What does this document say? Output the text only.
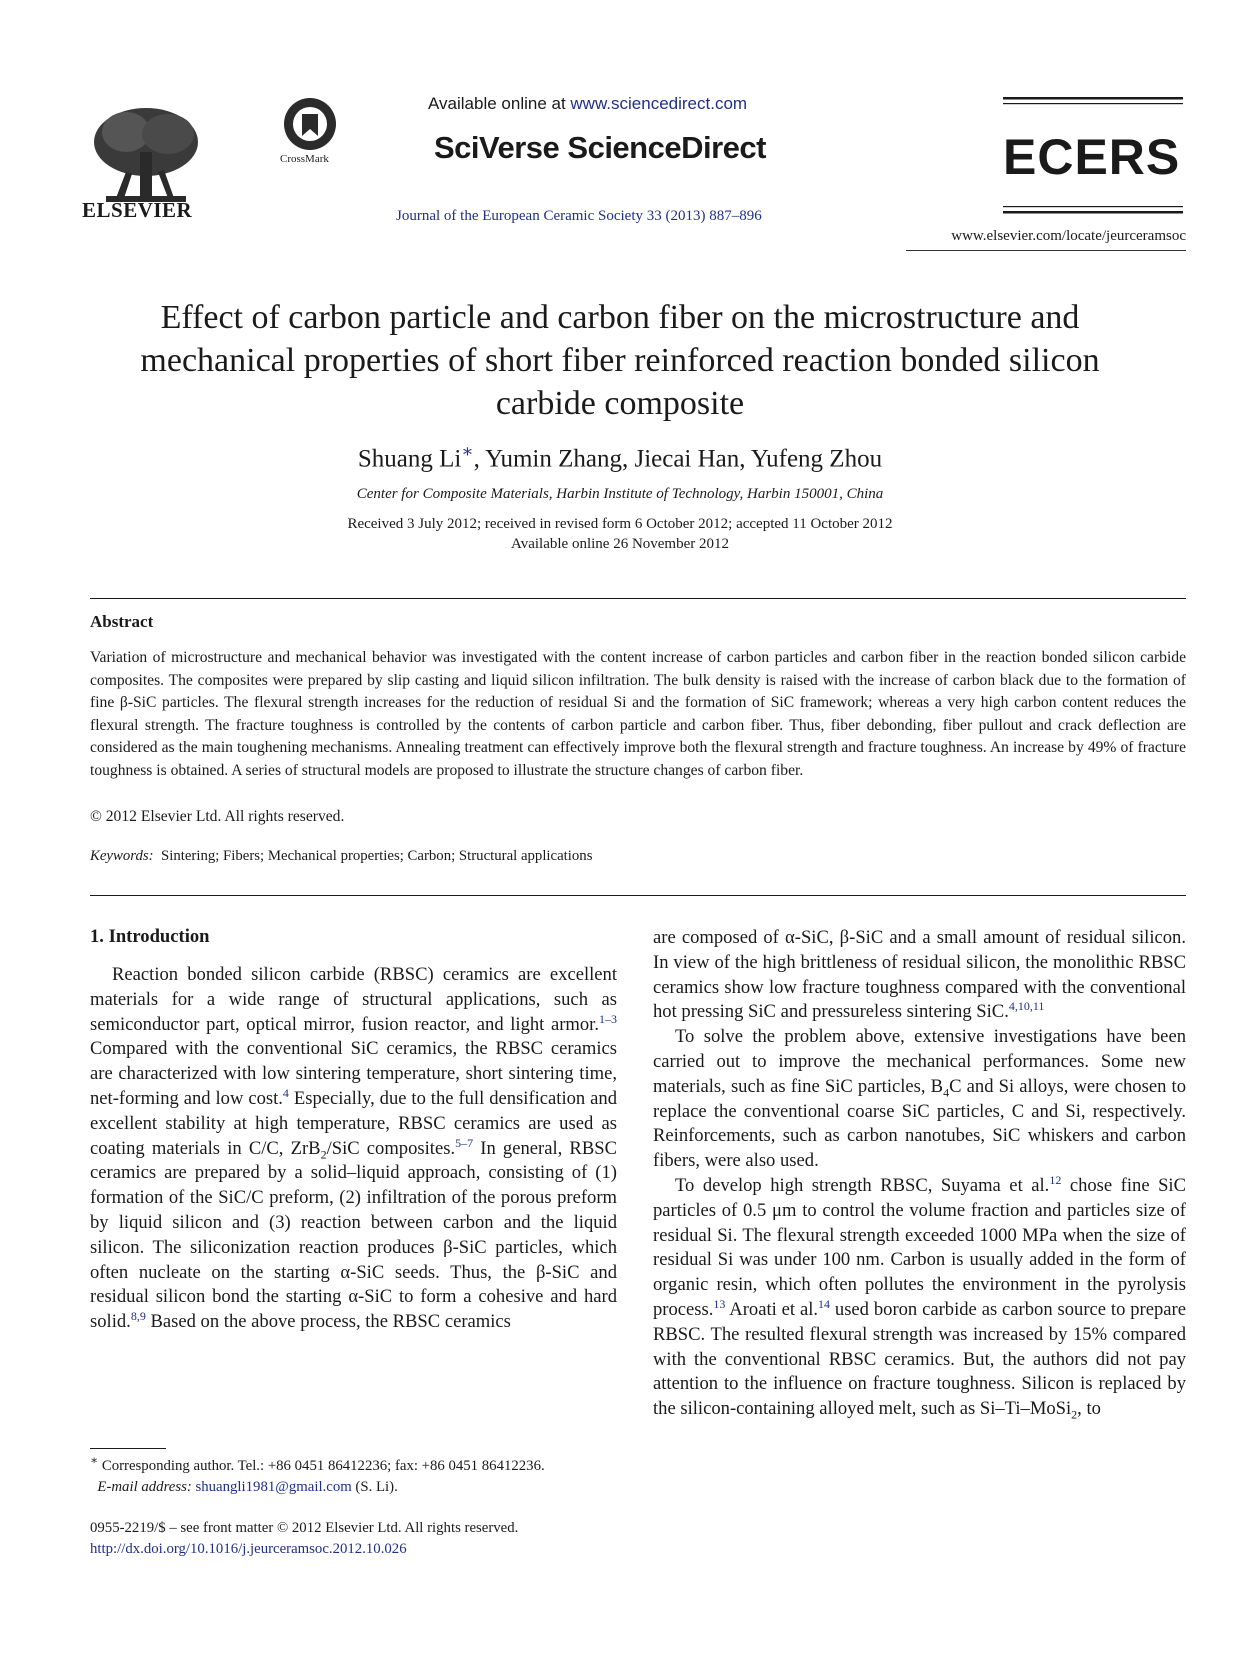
ELSEVIER
CrossMark
Available online at www.sciencedirect.com
SciVerse ScienceDirect
Journal of the European Ceramic Society 33 (2013) 887–896
ECERS
www.elsevier.com/locate/jeurceramsoc
Effect of carbon particle and carbon fiber on the microstructure and mechanical properties of short fiber reinforced reaction bonded silicon carbide composite
Shuang Li∗, Yumin Zhang, Jiecai Han, Yufeng Zhou
Center for Composite Materials, Harbin Institute of Technology, Harbin 150001, China
Received 3 July 2012; received in revised form 6 October 2012; accepted 11 October 2012
Available online 26 November 2012
Abstract
Variation of microstructure and mechanical behavior was investigated with the content increase of carbon particles and carbon fiber in the reaction bonded silicon carbide composites. The composites were prepared by slip casting and liquid silicon infiltration. The bulk density is raised with the increase of carbon black due to the formation of fine β-SiC particles. The flexural strength increases for the reduction of residual Si and the formation of SiC framework; whereas a very high carbon content reduces the flexural strength. The fracture toughness is controlled by the contents of carbon particle and carbon fiber. Thus, fiber debonding, fiber pullout and crack deflection are considered as the main toughening mechanisms. Annealing treatment can effectively improve both the flexural strength and fracture toughness. An increase by 49% of fracture toughness is obtained. A series of structural models are proposed to illustrate the structure changes of carbon fiber.
© 2012 Elsevier Ltd. All rights reserved.
Keywords: Sintering; Fibers; Mechanical properties; Carbon; Structural applications
1. Introduction

Reaction bonded silicon carbide (RBSC) ceramics are excellent materials for a wide range of structural applications, such as semiconductor part, optical mirror, fusion reactor, and light armor.$^{1-3}$ Compared with the conventional SiC ceramics, the RBSC ceramics are characterized with low sintering temperature, short sintering time, net-forming and low cost.$^4$ Especially, due to the full densification and excellent stability at high temperature, RBSC ceramics are used as coating materials in C/C, ZrB$_2$/SiC composites.$^{5-7}$ In general, RBSC ceramics are prepared by a solid–liquid approach, consisting of (1) formation of the SiC/C preform, (2) infiltration of the porous preform by liquid silicon and (3) reaction between carbon and the liquid silicon. The siliconization reaction produces β-SiC particles, which often nucleate on the starting α-SiC seeds. Thus, the β-SiC and residual silicon bond the starting α-SiC to form a cohesive and hard solid.$^{8,9}$ Based on the above process, the RBSC ceramics

are composed of α-SiC, β-SiC and a small amount of residual silicon. In view of the high brittleness of residual silicon, the monolithic RBSC ceramics show low fracture toughness compared with the conventional hot pressing SiC and pressureless sintering SiC.$^{4,10,11}$

To solve the problem above, extensive investigations have been carried out to improve the mechanical performances. Some new materials, such as fine SiC particles, $B_4C$ and Si alloys, were chosen to replace the conventional coarse SiC particles, C and Si, respectively. Reinforcements, such as carbon nanotubes, SiC whiskers and carbon fibers, were also used.

To develop high strength RBSC, Suyama et al.$^{12}$ chose fine SiC particles of 0.5 μm to control the volume fraction and particles size of residual Si. The flexural strength exceeded 1000 MPa when the size of residual Si was under 100 nm. Carbon is usually added in the form of organic resin, which often pollutes the environment in the pyrolysis process.$^{13}$ Aroati et al.$^{14}$ used boron carbide as carbon source to prepare RBSC. The resulted flexural strength was increased by 15% compared with the conventional RBSC ceramics. But, the authors did not pay attention to the influence on fracture toughness. Silicon is replaced by the silicon-containing alloyed melt, such as Si–Ti–MoSi$_2$, to

∗ Corresponding author. Tel.: +86 0451 86412236; fax: +86 0451 86412236.
E-mail address: shuangli1981@gmail.com (S. Li).
0955-2219/$ – see front matter © 2012 Elsevier Ltd. All rights reserved.
http://dx.doi.org/10.1016/j.jeurceramsoc.2012.10.026
